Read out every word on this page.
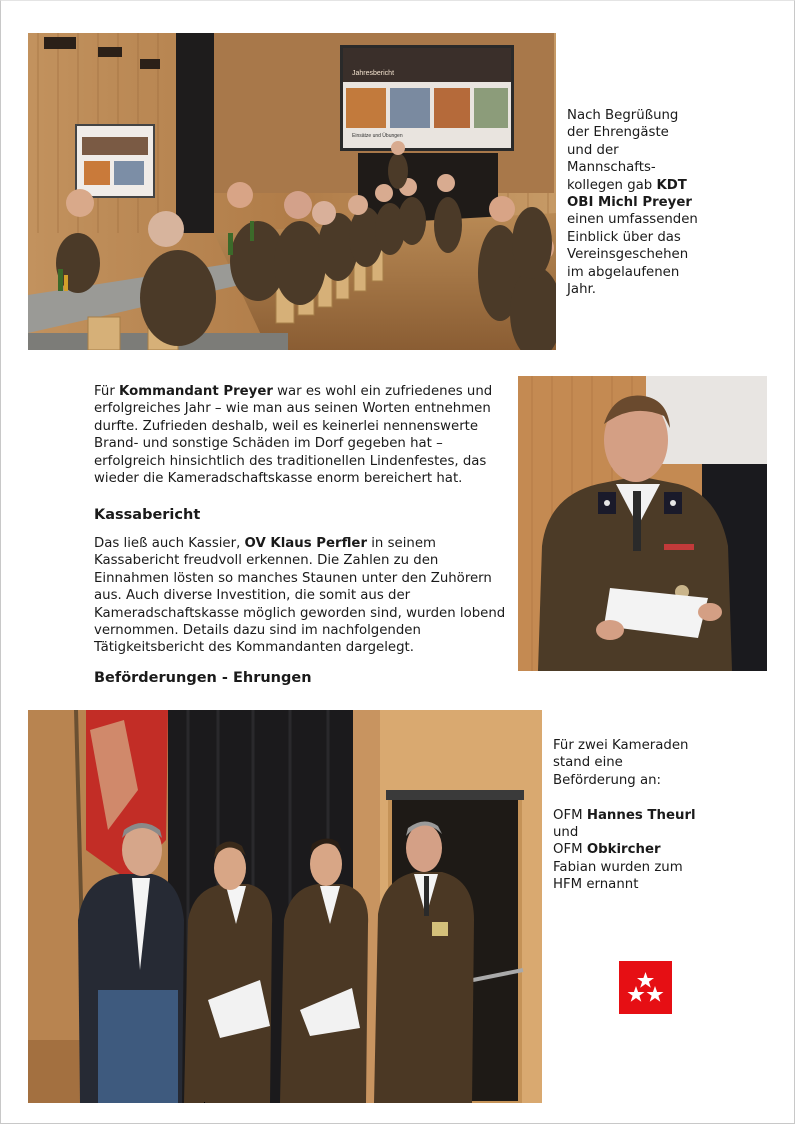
Jahresbericht
Einsätze und Übungen

Nach Begrüßung

der Ehrengäste

und der

Mannschafts-

kollegen gab KDT

OBI Michl Preyer

einen umfassenden

Einblick über das

Vereinsgeschehen

im abgelaufenen

Jahr.

Für Kommandant Preyer war es wohl ein zufriedenes und

erfolgreiches Jahr – wie man aus seinen Worten entnehmen

durfte. Zufrieden deshalb, weil es keinerlei nennenswerte

Brand- und sonstige Schäden im Dorf gegeben hat –

erfolgreich hinsichtlich des traditionellen Lindenfestes, das

wieder die Kameradschaftskasse enorm bereichert hat.

Kassabericht

Das ließ auch Kassier, OV Klaus Perfler in seinem

Kassabericht freudvoll erkennen. Die Zahlen zu den

Einnahmen lösten so manches Staunen unter den Zuhörern

aus. Auch diverse Investition, die somit aus der

Kameradschaftskasse möglich geworden sind, wurden lobend

vernommen. Details dazu sind im nachfolgenden

Tätigkeitsbericht des Kommandanten dargelegt.

Beförderungen - Ehrungen

Für zwei Kameraden

stand eine

Beförderung an:

OFM Hannes Theurl

und

OFM Obkircher

Fabian wurden zum

HFM ernannt
